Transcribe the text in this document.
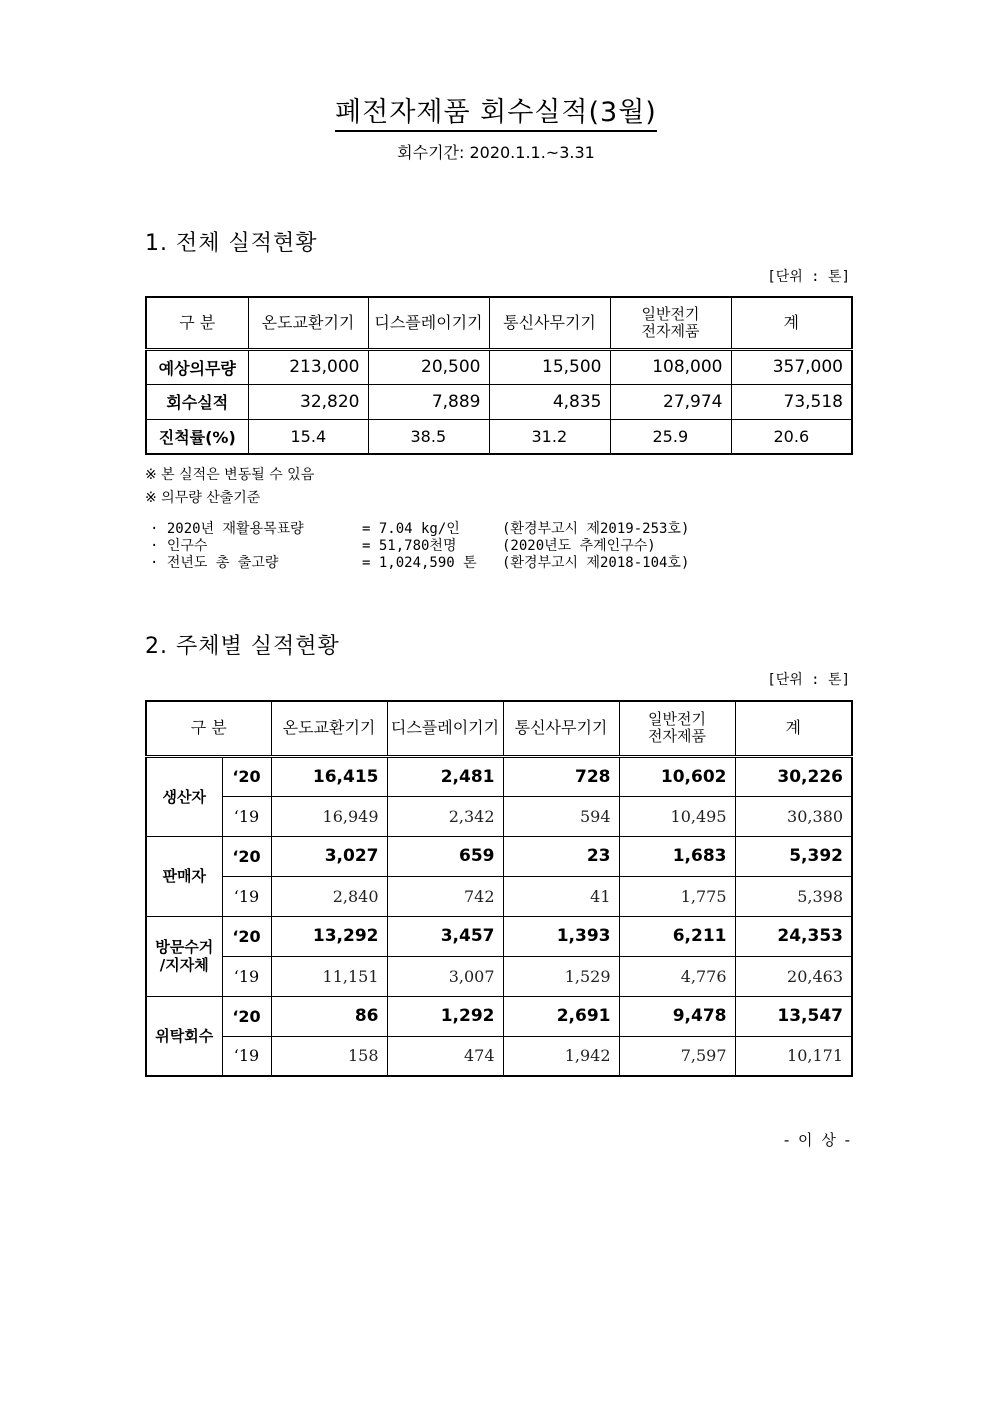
폐전자제품 회수실적(3월)
회수기간: 2020.1.1.~3.31
1. 전체 실적현황
[단위 : 톤]
구 분	온도교환기기	디스플레이기기	통신사무기기	일반전기
전자제품	계
예상의무량	213,000	20,500	15,500	108,000	357,000
회수실적	32,820	7,889	4,835	27,974	73,518
진척률(%)	15.4	38.5	31.2	25.9	20.6
※ 본 실적은 변동될 수 있음
※ 의무량 산출기준
· 2020년 재활용목표량	= 7.04 kg/인	(환경부고시 제2019-253호)
· 인구수	= 51,780천명	(2020년도 추계인구수)
· 전년도 총 출고량	= 1,024,590 톤	(환경부고시 제2018-104호)
2. 주체별 실적현황
[단위 : 톤]
구 분		온도교환기기	디스플레이기기	통신사무기기	일반전기
전자제품	계
생산자	‘20	16,415	2,481	728	10,602	30,226
	‘19	16,949	2,342	594	10,495	30,380
판매자	‘20	3,027	659	23	1,683	5,392
	‘19	2,840	742	41	1,775	5,398
방문수거
/지자체	‘20	13,292	3,457	1,393	6,211	24,353
	‘19	11,151	3,007	1,529	4,776	20,463
위탁회수	‘20	86	1,292	2,691	9,478	13,547
	‘19	158	474	1,942	7,597	10,171
- 이 상 -
